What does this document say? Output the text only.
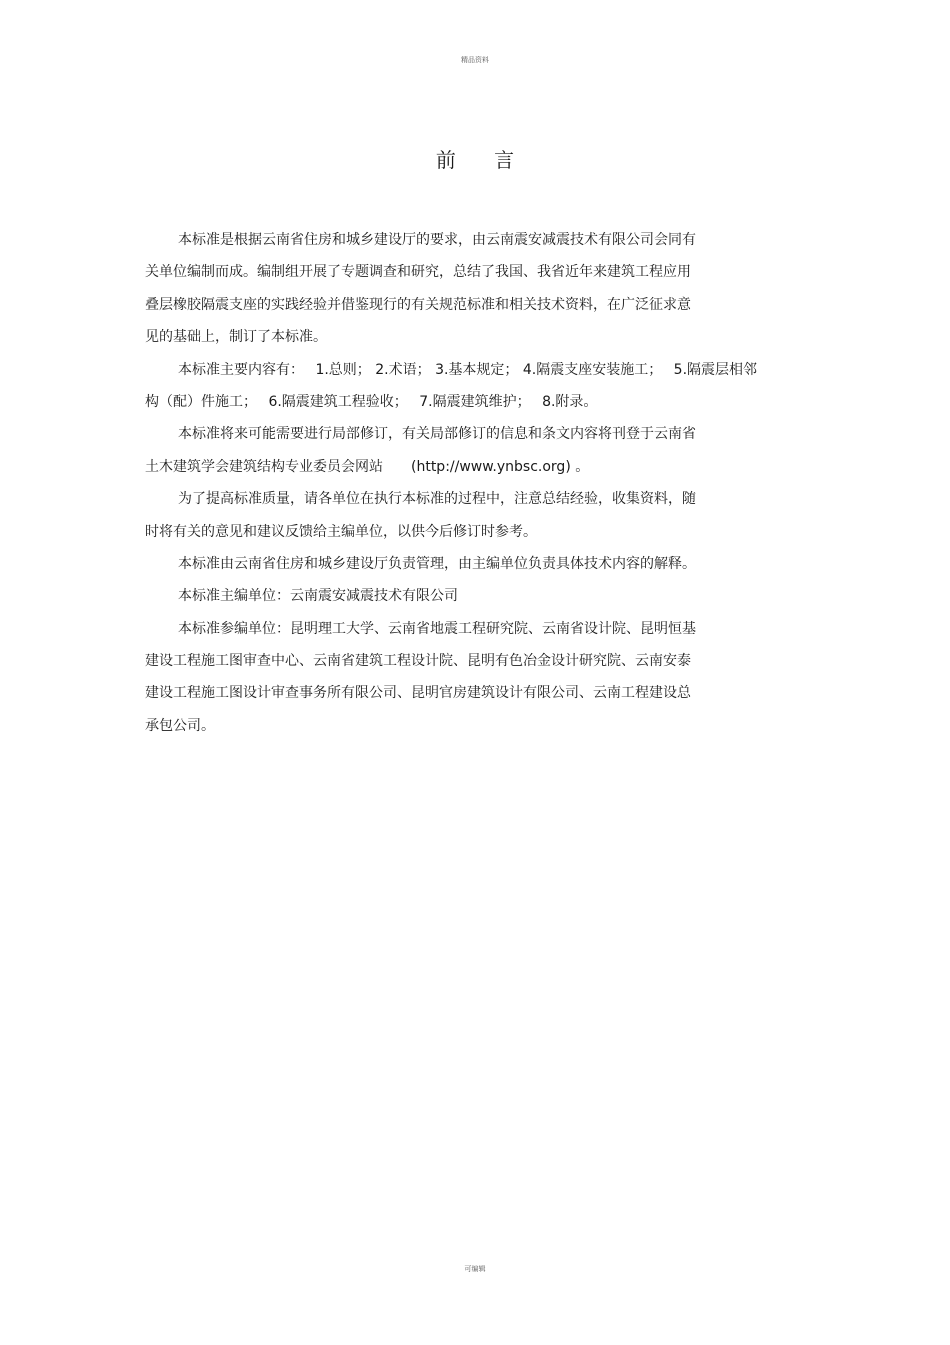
精品资料
前 言
本标准是根据云南省住房和城乡建设厅的要求，由云南震安减震技术有限公司会同有
关单位编制而成。编制组开展了专题调查和研究，总结了我国、我省近年来建筑工程应用
叠层橡胶隔震支座的实践经验并借鉴现行的有关规范标准和相关技术资料，在广泛征求意
见的基础上，制订了本标准。
本标准主要内容有：　 1.总则； 2.术语； 3.基本规定； 4.隔震支座安装施工；　 5.隔震层相邻
构（配）件施工；　 6.隔震建筑工程验收；　 7.隔震建筑维护；　 8.附录。
本标准将来可能需要进行局部修订，有关局部修订的信息和条文内容将刊登于云南省
土木建筑学会建筑结构专业委员会网站　　(http://www.ynbsc.org) 。
为了提高标准质量，请各单位在执行本标准的过程中，注意总结经验，收集资料，随
时将有关的意见和建议反馈给主编单位，以供今后修订时参考。
本标准由云南省住房和城乡建设厅负责管理，由主编单位负责具体技术内容的解释。
本标准主编单位：云南震安减震技术有限公司
本标准参编单位：昆明理工大学、云南省地震工程研究院、云南省设计院、昆明恒基
建设工程施工图审查中心、云南省建筑工程设计院、昆明有色冶金设计研究院、云南安泰
建设工程施工图设计审查事务所有限公司、昆明官房建筑设计有限公司、云南工程建设总
承包公司。
可编辑
